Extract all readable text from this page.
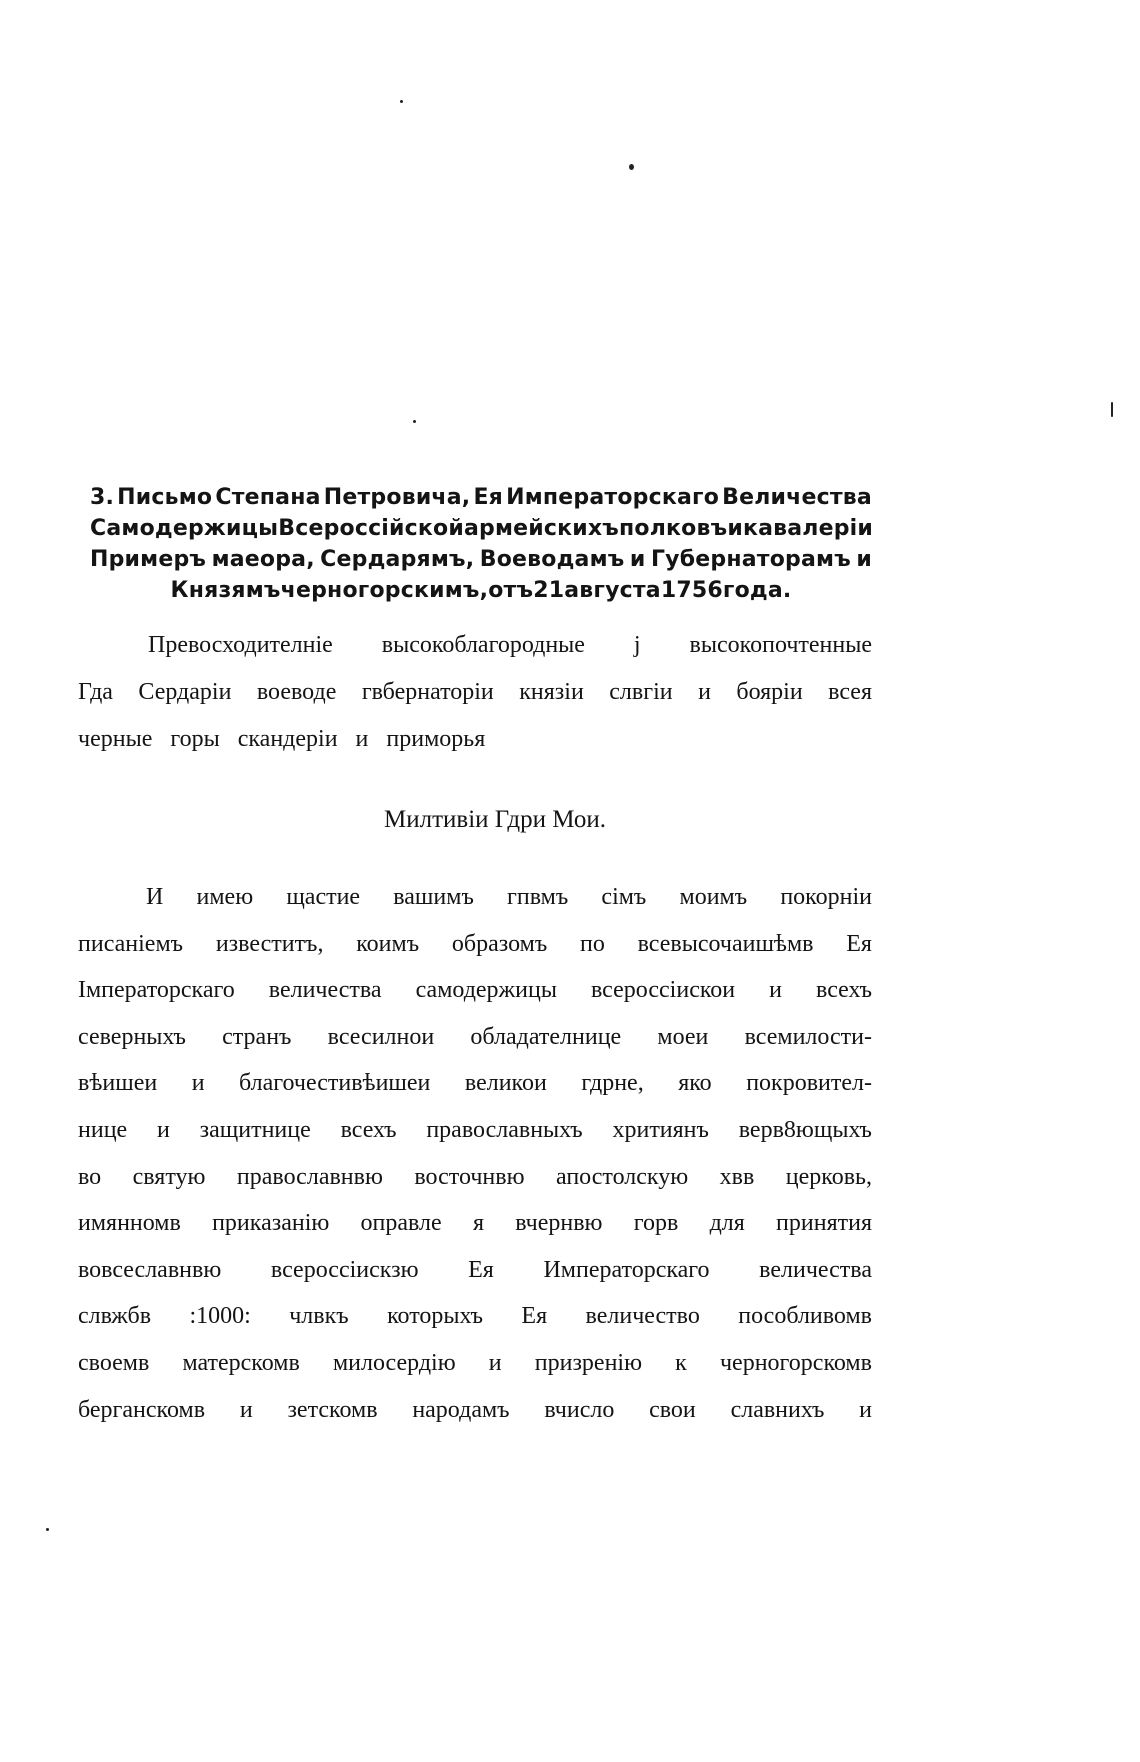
3. Письмо Степана Петровича, Ея Императорскаго Величества
Самодержицы Всероссійской армейскихъ полковъ и кавалеріи
Примеръ маеора, Сердарямъ, Воеводамъ и Губернаторамъ и
Князямъ черногорскимъ, отъ 21 августа 1756 года.
Превосходителніе высокоблагородные ј высокопочтенные
Гда Сердаріи воеводе гвбернаторіи князіи слвгіи и бояріи всея
черные горы скандеріи и приморья
Милтивіи Гдри Мои.
И имею щастие вашимъ гпвмъ сімъ моимъ покорніи
писаніемъ известитъ, коимъ образомъ по всевысочаишѣмв Ея
Імператорскаго величества самодержицы всероссіискои и всехъ
северныхъ странъ всесилнои обладателнице моеи всемилости-
вѣишеи и благочестивѣишеи великои гдрне, яко покровител-
нице и защитнице всехъ православныхъ хритиянъ верв8ющыхъ
во святую православнвю восточнвю апостолскую хвв церковь,
имянномв приказанію оправле я вчернвю горв для принятия
вовсеславнвю всероссіискзю Ея Императорскаго величества
слвжбв :1000: члвкъ которыхъ Ея величество пособливомв
своемв матерскомв милосердію и призренію к черногорскомв
берганскомв и зетскомв народамъ вчисло свои славнихъ и
